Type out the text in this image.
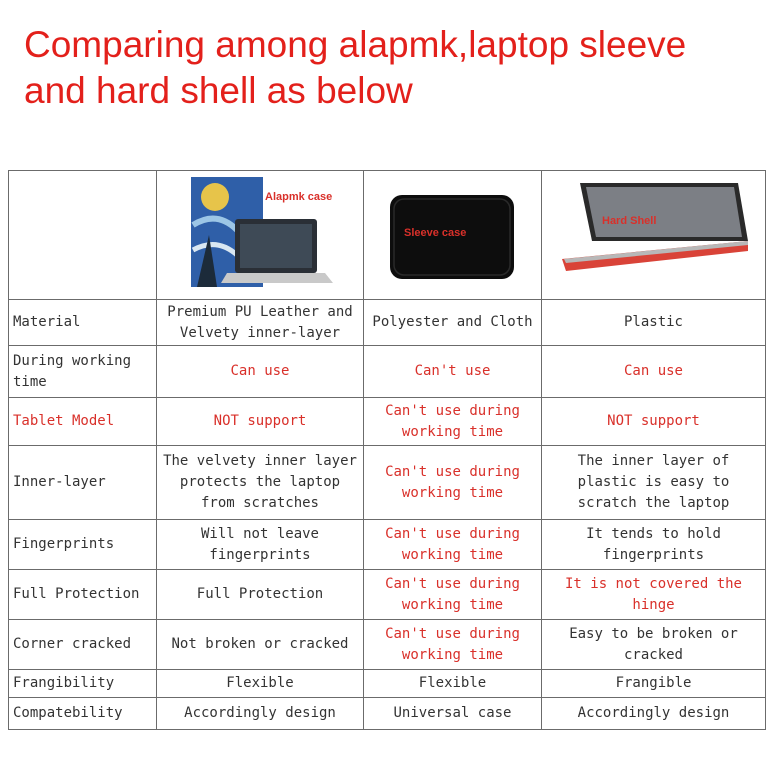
Comparing among alapmk,laptop sleeve and hard shell as below

	Alapmk case	Sleeve case	Hard Shell

Material	Premium PU Leather and Velvety inner-layer	Polyester and Cloth	Plastic
During working time	Can use	Can't use	Can use
Tablet Model	NOT support	Can't use during working time	NOT support
Inner-layer	The velvety inner layer protects the laptop from scratches	Can't use during working time	The inner layer of plastic is easy to scratch the laptop
Fingerprints	Will not leave fingerprints	Can't use during working time	It tends to hold fingerprints
Full Protection	Full Protection	Can't use during working time	It is not covered the hinge
Corner cracked	Not broken or cracked	Can't use during working time	Easy to be broken or cracked
Frangibility	Flexible	Flexible	Frangible
Compatebility	Accordingly design	Universal case	Accordingly design
